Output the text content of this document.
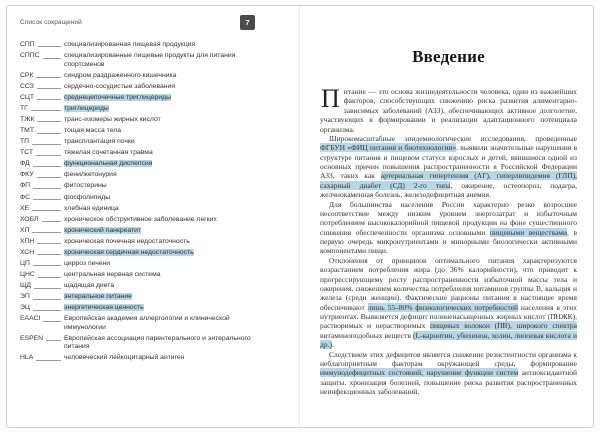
Список сокращений	7
СПП	специализированная пищевая продукция
СППС	специализированные пищевые продукты для питания спортсменов
СРК	синдром раздраженного кишечника
ССЗ	сердечно-сосудистые заболевания
СЦТ	среднецепочечные триглицериды
ТГ	триглицериды
ТЖК	транс-изомеры жирных кислот
ТМТ	тощая масса тела
ТП	трансплантация почки
ТСТ	тяжелая сочетанная травма
ФД	функциональная диспепсия
ФКУ	фенилкетонурия
ФП	фитостерины
ФС	фосфолипиды
ХЕ	хлебная единица
ХОБЛ	хроническое обструктивное заболевание легких
ХП	хронический панкреатит
ХПН	хроническая почечная недостаточность
ХСН	хроническая сердечная недостаточность
ЦП	цирроз печени
ЦНС	центральная нервная система
ЩД	щадящая диета
ЭП	энтеральное питание
ЭЦ	энергетическая ценность
EAACI	Европейская академия аллергологии и клинической иммунологии
ESPEN	Европейская ассоциация парентерального и энтерального питания
HLA	человеческий лейкоцитарный антиген
Введение

Питание — это основа жизнедеятельности человека, один из важнейших факторов, способствующих снижению риска развития алиментарно-зависимых заболеваний (АЗЗ), обеспечивающих активное долголетие, участвующих в формировании и реализации адаптационного потенциала организма.

Широкомасштабные эпидемиологические исследования, проведенные ФГБУН «ФИЦ питания и биотехнологии», выявили значительные нарушения в структуре питания и пищевом статусе взрослых и детей, явившиеся одной из основных причин повышения распространенности в Российской Федерации АЗЗ, таких как артериальная гипертензия (АГ), гиперлипидемия (ГЛП), сахарный диабет (СД) 2-го типа, ожирение, остеопороз, подагра, желчнокаменная болезнь, железодефицитная анемия.

Для большинства населения России характерно резко возросшее несоответствие между низким уровнем энергозатрат и избыточным потреблением высококалорийной пищевой продукции на фоне существенного снижения обеспеченности организма основными пищевыми веществами, в первую очередь микронутриентами и минорными биологически активными компонентами пищи.

Отклонения от принципов оптимального питания характеризуются возрастанием потребления жира (до 36% калорийности), что приводит к прогрессирующему росту распространенности избыточной массы тела и ожирения, снижением количества потребления витаминов группы В, кальция и железа (среди женщин). Фактические рационы питания в настоящее время обеспечивают лишь 55–80% физиологических потребностей населения в этих нутриентах. Выявляется дефицит полиненасыщенных жирных кислот (ПНЖК), растворимых и нерастворимых пищевых волокон (ПВ), широкого спектра витаминоподобных веществ (L-карнитин, убихинон, холин, липоевая кислота и др.).

Следствием этих дефицитов является снижение резистентности организма к неблагоприятным факторам окружающей среды, формирование иммунодефицитных состояний, нарушение функции систем антиоксидантной защиты, хронизация болезней, повышение риска развития распространенных неинфекционных заболеваний.
